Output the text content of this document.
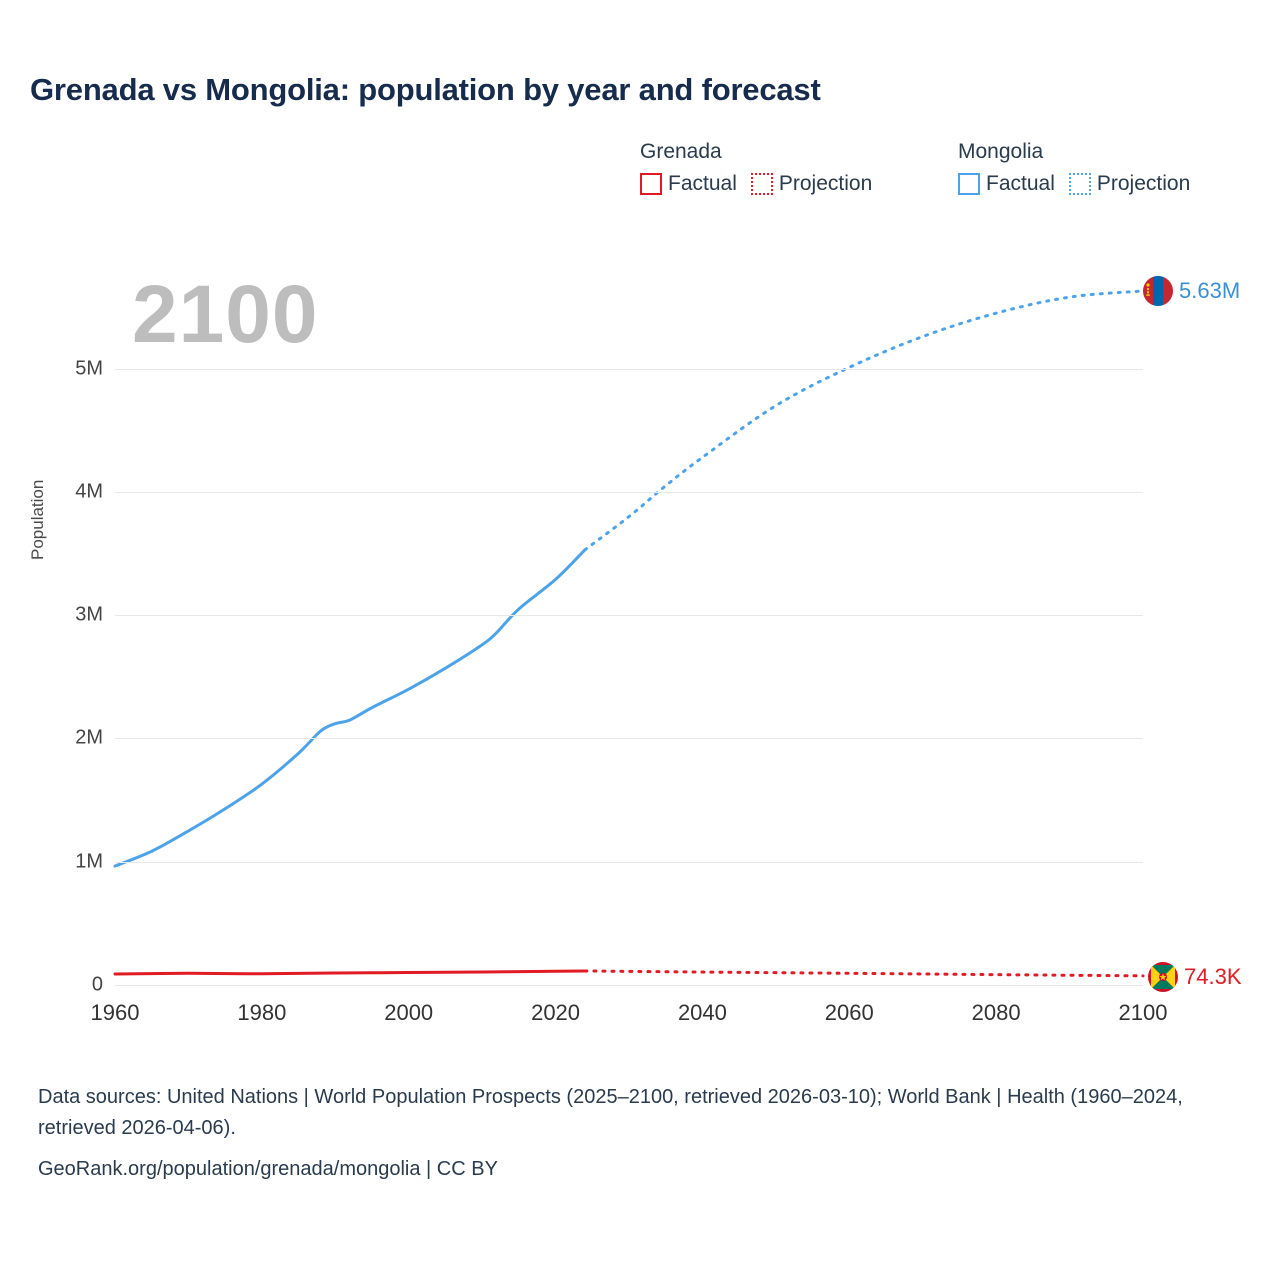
Grenada vs Mongolia: population by year and forecast
Grenada
Factual Projection
Mongolia
Factual Projection
2100
Population
0
1M
2M
3M
4M
5M
1960	1980	2000	2020	2040	2060	2080	2100
5.63M
74.3K
Data sources: United Nations | World Population Prospects (2025–2100, retrieved 2026-03-10); World Bank | Health (1960–2024, retrieved 2026-04-06).
GeoRank.org/population/grenada/mongolia | CC BY
